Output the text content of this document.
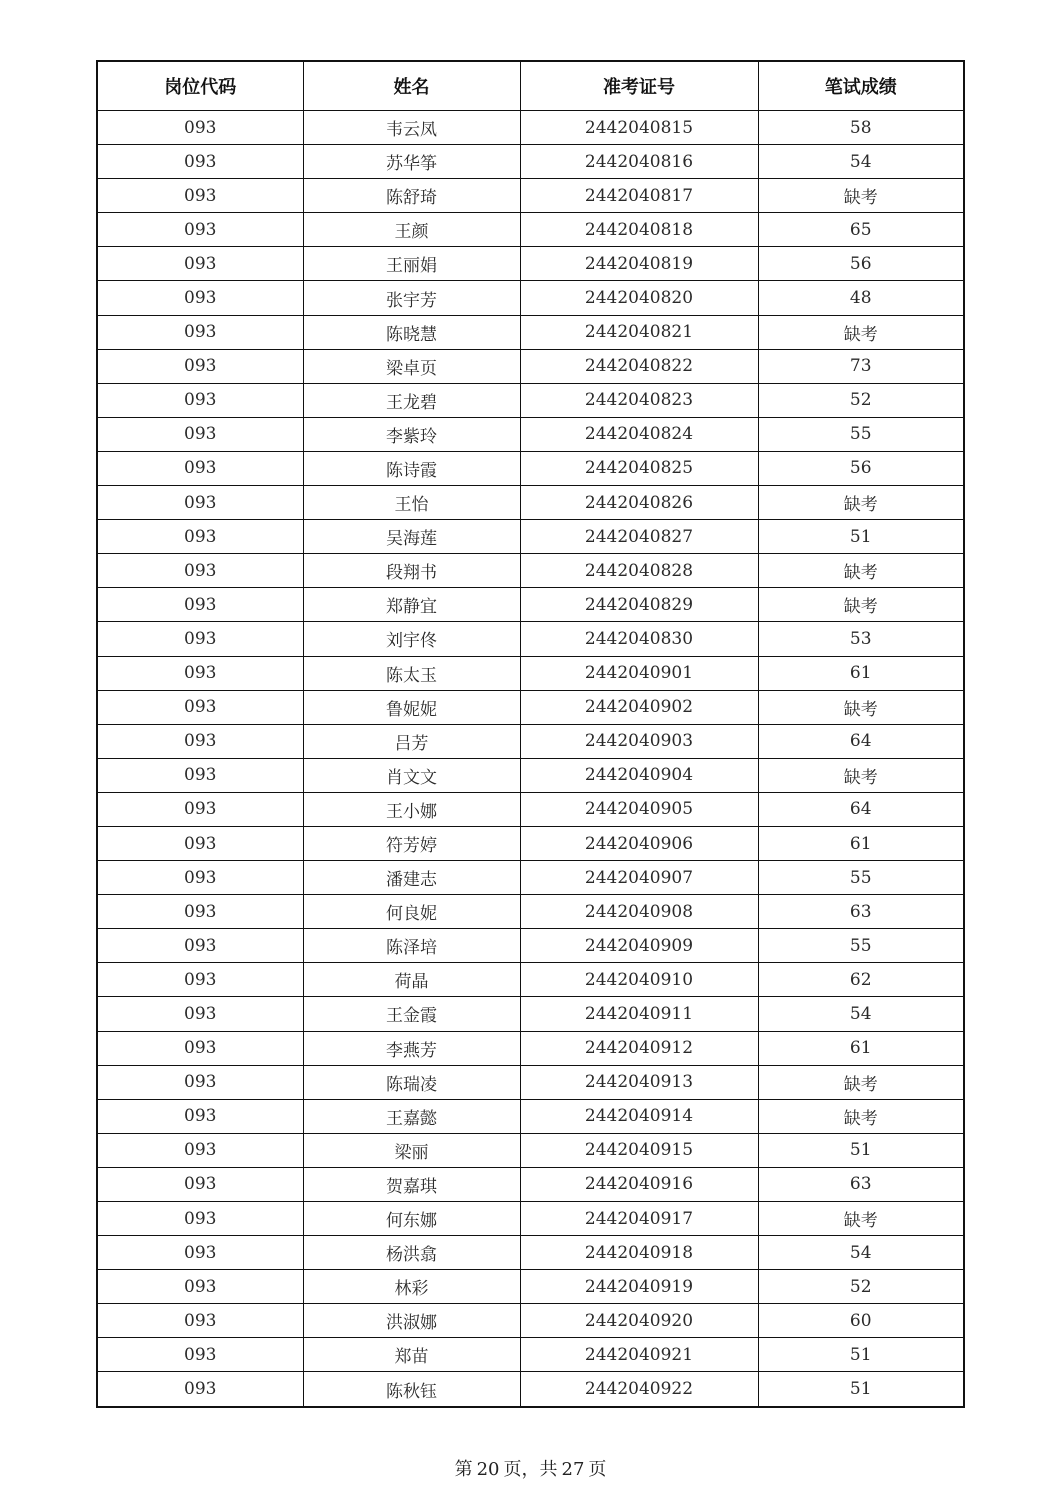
岗位代码	姓名	准考证号	笔试成绩
093	韦云凤	2442040815	58
093	苏华筝	2442040816	54
093	陈舒琦	2442040817	缺考
093	王颜	2442040818	65
093	王丽娟	2442040819	56
093	张宇芳	2442040820	48
093	陈晓慧	2442040821	缺考
093	梁卓页	2442040822	73
093	王龙碧	2442040823	52
093	李紫玲	2442040824	55
093	陈诗霞	2442040825	56
093	王怡	2442040826	缺考
093	吴海莲	2442040827	51
093	段翔书	2442040828	缺考
093	郑静宜	2442040829	缺考
093	刘宇佟	2442040830	53
093	陈太玉	2442040901	61
093	鲁妮妮	2442040902	缺考
093	吕芳	2442040903	64
093	肖文文	2442040904	缺考
093	王小娜	2442040905	64
093	符芳婷	2442040906	61
093	潘建志	2442040907	55
093	何良妮	2442040908	63
093	陈泽培	2442040909	55
093	荷晶	2442040910	62
093	王金霞	2442040911	54
093	李燕芳	2442040912	61
093	陈瑞凌	2442040913	缺考
093	王嘉懿	2442040914	缺考
093	梁丽	2442040915	51
093	贺嘉琪	2442040916	63
093	何东娜	2442040917	缺考
093	杨洪翕	2442040918	54
093	林彩	2442040919	52
093	洪淑娜	2442040920	60
093	郑苗	2442040921	51
093	陈秋钰	2442040922	51
第 20 页，共 27 页
